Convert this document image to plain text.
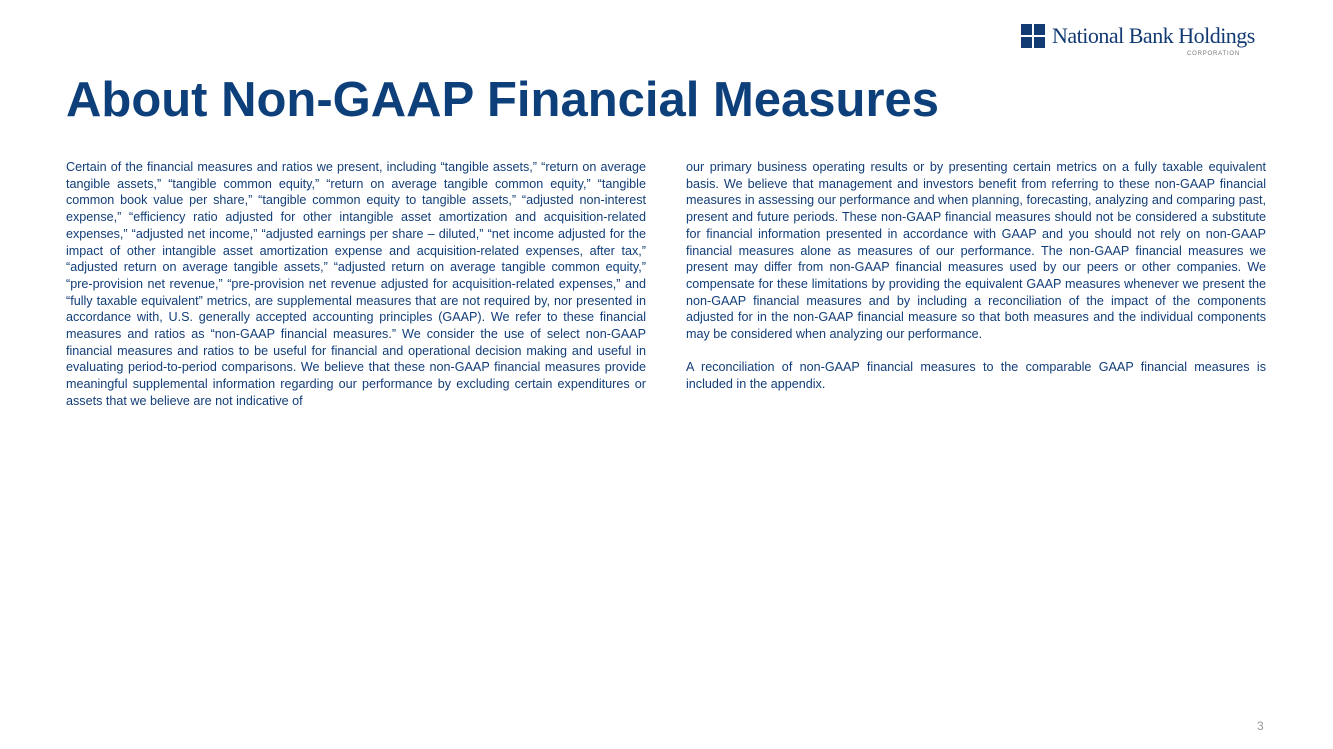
National Bank Holdings
CORPORATION
About Non-GAAP Financial Measures

Certain of the financial measures and ratios we present, including “tangible assets,” “return on average tangible assets,” “tangible common equity,” “return on average tangible common equity,” “tangible common book value per share,” “tangible common equity to tangible assets,” “adjusted non-interest expense,” “efficiency ratio adjusted for other intangible asset amortization and acquisition-related expenses,” “adjusted net income,” “adjusted earnings per share – diluted,” “net income adjusted for the impact of other intangible asset amortization expense and acquisition-related expenses, after tax,” “adjusted return on average tangible assets,” “adjusted return on average tangible common equity,” “pre-provision net revenue,” “pre-provision net revenue adjusted for acquisition-related expenses,” and “fully taxable equivalent” metrics, are supplemental measures that are not required by, nor presented in accordance with, U.S. generally accepted accounting principles (GAAP). We refer to these financial measures and ratios as “non-GAAP financial measures.” We consider the use of select non-GAAP financial measures and ratios to be useful for financial and operational decision making and useful in evaluating period-to-period comparisons. We believe that these non-GAAP financial measures provide meaningful supplemental information regarding our performance by excluding certain expenditures or assets that we believe are not indicative of

our primary business operating results or by presenting certain metrics on a fully taxable equivalent basis. We believe that management and investors benefit from referring to these non-GAAP financial measures in assessing our performance and when planning, forecasting, analyzing and comparing past, present and future periods. These non-GAAP financial measures should not be considered a substitute for financial information presented in accordance with GAAP and you should not rely on non-GAAP financial measures alone as measures of our performance. The non-GAAP financial measures we present may differ from non-GAAP financial measures used by our peers or other companies. We compensate for these limitations by providing the equivalent GAAP measures whenever we present the non-GAAP financial measures and by including a reconciliation of the impact of the components adjusted for in the non-GAAP financial measure so that both measures and the individual components may be considered when analyzing our performance.

A reconciliation of non-GAAP financial measures to the comparable GAAP financial measures is included in the appendix.

3
